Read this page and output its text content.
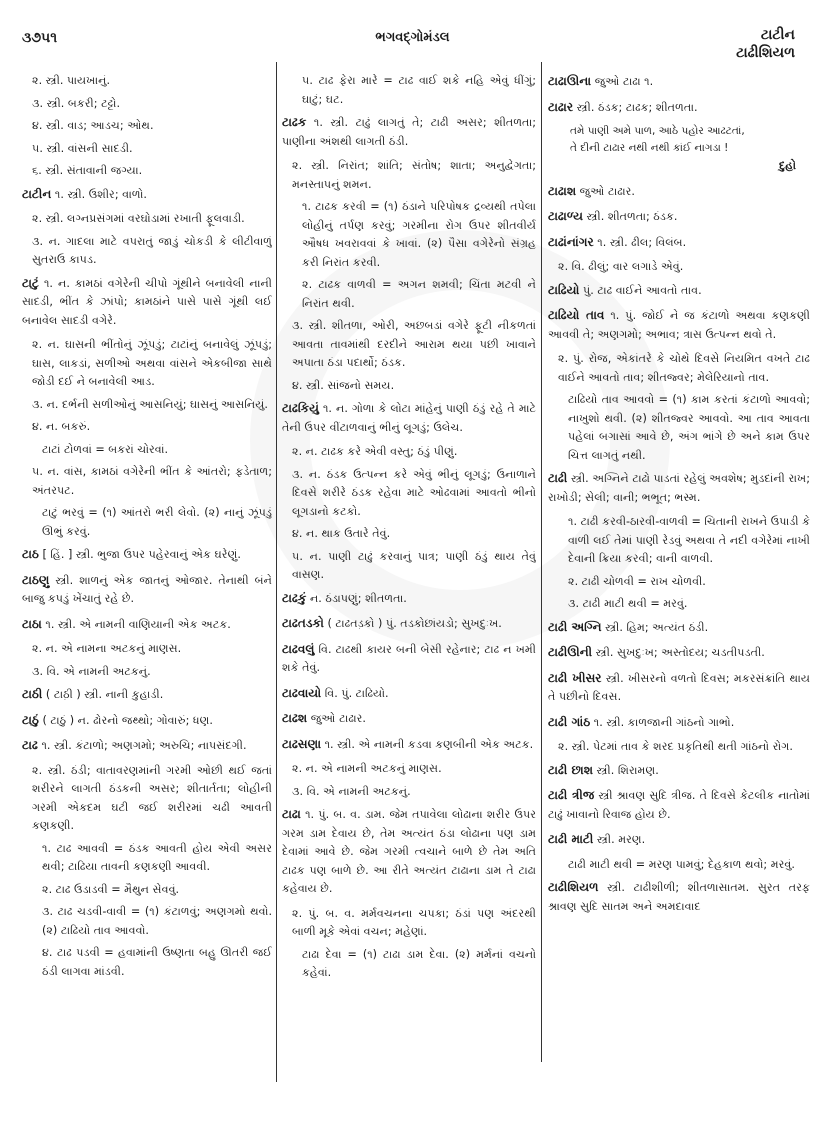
૩૭૫૧	ભગવદ્ગોમંડલ	ટાટીન
ટાઢીશિયળ
૨. સ્ત્રી. પાયખાનું.
૩. સ્ત્રી. બકરી; ટટ્ટો.
૪. સ્ત્રી. વાડ; આડચ; ઓથ.
૫. સ્ત્રી. વાંસની સાદડી.
૬. સ્ત્રી. સંતાવાની જગ્યા.
ટાટીન ૧. સ્ત્રી. ઉશીર; વાળો.
૨. સ્ત્રી. લગ્નપ્રસંગમાં વરઘોડામાં રખાતી ફૂલવાડી.
૩. ન. ગાદલા માટે વપરાતું જાડું ચોકડી કે લીટીવાળું સુતરાઉ કાપડ.
ટાટું ૧. ન. કામઠાં વગેરેની ચીપો ગૂંથીને બનાવેલી નાની સાદડી, ભીંત કે ઝાંપો; કામઠાંને પાસે પાસે ગૂંથી લઈ બનાવેલ સાદડી વગેરે.
૨. ન. ઘાસની ભીંતોનું ઝૂંપડું; ટાટાંનું બનાવેલું ઝૂંપડું; ઘાસ, લાકડાં, સળીઓ અથવા વાંસને એકબીજા સાથે જોડી દઈ ને બનાવેલી આડ.
૩. ન. દર્ભની સળીઓનું આસનિયું; ઘાસનું આસનિયું.
૪. ન. બકરું.
ટાટાં ટોળવાં = બકરાં ચોરવાં.
૫. ન. વાંસ, કામઠાં વગેરેની ભીંત કે આંતરો; ફડેતાળ; અંતરપટ.
ટાટું ભરવું = (૧) આંતરો ભરી લેવો. (૨) નાનું ઝૂંપડું ઊભું કરવું.
ટાઠ [ હિં. ] સ્ત્રી. ભુજા ઉપર પહેરવાનું એક ઘરેણું.
ટાઠણુ સ્ત્રી. શાળનું એક જાતનું ઓજાર. તેનાથી બંને બાજુ કપડું ખેંચાતું રહે છે.
ટાઠા ૧. સ્ત્રી. એ નામની વાણિયાની એક અટક.
૨. ન. એ નામના અટકનું માણસ.
૩. વિ. એ નામની અટકનું.
ટાઠી ( ટાઠ઼ી ) સ્ત્રી. નાની કુહાડી.
ટાઠું ( ટાઠ઼ું ) ન. ઢોરનો જથ્થો; ગોવારું; ધણ.
ટાઢ ૧. સ્ત્રી. કંટાળો; અણગમો; અરુચિ; નાપસંદગી.
૨. સ્ત્રી. ઠંડી; વાતાવરણમાંની ગરમી ઓછી થઈ જતાં શરીરને લાગતી ઠંડકની અસર; શીતાર્તતા; લોહીની ગરમી એકદમ ઘટી જઈ શરીરમાં ચઢી આવતી કણકણી.
૧. ટાઢ આવવી = ઠંડક આવતી હોય એવી અસર થવી; ટાઢિયા તાવની કણકણી આવવી.
૨. ટાઢ ઉડાડવી = મૈથુન સેવવું.
૩. ટાઢ ચડવી-વાવી = (૧) કંટાળવું; અણગમો થવો. (૨) ટાઢિયો તાવ આવવો.
૪. ટાઢ પડવી = હવામાંની ઉષ્ણતા બહુ ઊતરી જઈ ઠંડી લાગવા માંડવી.
૫. ટાઢ ફેરા મારે = ટાઢ વાઈ શકે નહિ એવું ધીંગું; ઘાટું; ઘટ.
ટાઢક ૧. સ્ત્રી. ટાઢું લાગતું તે; ટાઢી અસર; શીતળતા; પાણીના અંશથી લાગતી ઠંડી.
૨. સ્ત્રી. નિરાંત; શાંતિ; સંતોષ; શાતા; અનુદ્વેગતા; મનસ્તાપનું શમન.
૧. ટાઢક કરવી = (૧) ઠંડાને પરિપોષક દ્રવ્યથી તપેલા લોહીનું તર્પણ કરવું; ગરમીના રોગ ઉપર શીતવીર્ય ઔષધ ખવરાવવાં કે ખાવાં. (૨) પૈસા વગેરેનો સંગ્રહ કરી નિરાંત કરવી.
૨. ટાઢક વાળવી = અગન શમવી; ચિંતા મટવી ને નિરાંત થવી.
૩. સ્ત્રી. શીતળા, ઓરી, અછબડાં વગેરે ફૂટી નીકળતાં આવતા તાવમાંથી દરદીને આરામ થયા પછી ખાવાને અપાતા ઠંડા પદાર્થો; ઠંડક.
૪. સ્ત્રી. સાંજનો સમય.
ટાઢકિયું ૧. ન. ગોળા કે લોટા માંહેનું પાણી ઠંડું રહે તે માટે તેની ઉપર વીંટાળવાનું ભીનું લૂગડું; ઉલેચ.
૨. ન. ટાઢક કરે એવી વસ્તુ; ઠંડું પીણું.
૩. ન. ઠંડક ઉત્પન્ન કરે એવું ભીનું લૂગડું; ઉનાળાને દિવસે શરીરે ઠંડક રહેવા માટે ઓઢવામાં આવતો ભીનો લૂગડાનો કટકો.
૪. ન. થાક ઉતારે તેવું.
૫. ન. પાણી ટાઢું કરવાનું પાત્ર; પાણી ઠંડું થાય તેવું વાસણ.
ટાઢકું ન. ઠંડાપણું; શીતળતા.
ટાઢતડકો ( ટાઢતડ઼કો ) પું. તડકોછાંયડો; સુખદુઃખ.
ટાઢવલું વિ. ટાઢથી કાયર બની બેસી રહેનાર; ટાઢ ન ખમી શકે તેવું.
ટાઢવાયો વિ. પું. ટાઢિયો.
ટાઢશ જુઓ ટાઢાર.
ટાઢસણા ૧. સ્ત્રી. એ નામની કડવા કણબીની એક અટક.
૨. ન. એ નામની અટકનું માણસ.
૩. વિ. એ નામની અટકનું.
ટાઢા ૧. પું. બ. વ. ડામ. જેમ તપાવેલા લોઢાના શરીર ઉપર ગરમ ડામ દેવાય છે, તેમ અત્યંત ઠંડા લોઢાના પણ ડામ દેવામાં આવે છે. જેમ ગરમી ત્વચાને બાળે છે તેમ અતિ ટાઢક પણ બાળે છે. આ રીતે અત્યંત ટાઢાના ડામ તે ટાઢા કહેવાય છે.
૨. પું. બ. વ. મર્મવચનના ચપકા; ઠંડાં પણ અંદરથી બાળી મૂકે એવાં વચન; મહેણાં.
ટાઢા દેવા = (૧) ટાઢા ડામ દેવા. (૨) મર્મનાં વચનો કહેવાં.
ટાઢાઊના જુઓ ટાઢા ૧.
ટાઢાર સ્ત્રી. ઠંડક; ટાઢક; શીતળતા.
તમે પાણી અમે પાળ, આઠે પહોર આઢટતાં,
તે દીની ટાઢાર નથી નથી કાંઈ નાગડા !
દુહો
ટાઢાશ જુઓ ટાઢાર.
ટાઢાળ્ય સ્ત્રી. શીતળતા; ઠંડક.
ટાઢાંનાંગર ૧. સ્ત્રી. ઢીલ; વિલંબ.
૨. વિ. ઢીલું; વાર લગાડે એવું.
ટાઢિયો પું. ટાઢ વાઈને આવતો તાવ.
ટાઢિયો તાવ ૧. પું. જોઈ ને જ કંટાળો અથવા કણકણી આવવી તે; અણગમો; અભાવ; ત્રાસ ઉત્પન્ન થવો તે.
૨. પું. રોજ, એકાંતરે કે ચોથે દિવસે નિયમિત વખતે ટાઢ વાઈને આવતો તાવ; શીતજ્વર; મેલેરિયાનો તાવ.
ટાઢિયો તાવ આવવો = (૧) કામ કરતાં કંટાળો આવવો; નાખુશો થવી. (૨) શીતજ્વર આવવો. આ તાવ આવતા પહેલાં બગાસાં આવે છે, અંગ ભાંગે છે અને કામ ઉપર ચિત્ત લાગતું નથી.
ટાઢી સ્ત્રી. અગ્નિને ટાઢો પાડતાં રહેલું અવશેષ; મુડદાંની રાખ; રાખોડી; સેલી; વાની; ભભૂત; ભસ્મ.
૧. ટાઢી કરવી-ઠારવી-વાળવી = ચિતાની રાખને ઉપાડી કે વાળી લઈ તેમાં પાણી રેડવું અથવા તે નદી વગેરેમાં નાખી દેવાની ક્રિયા કરવી; વાની વાળવી.
૨. ટાઢી ચોળવી = રાખ ચોળવી.
૩. ટાઢી માટી થવી = મરવું.
ટાઢી અગ્નિ સ્ત્રી. હિમ; અત્યંત ઠંડી.
ટાઢીઊની સ્ત્રી. સુખદુઃખ; અસ્તોદય; ચડતીપડતી.
ટાઢી ખીસર સ્ત્રી. ખીસરનો વળતો દિવસ; મકરસંક્રાંતિ થાય તે પછીનો દિવસ.
ટાઢી ગાંઠ ૧. સ્ત્રી. કાળજાની ગાંઠનો ગાભો.
૨. સ્ત્રી. પેટમાં તાવ કે શરદ પ્રકૃતિથી થતી ગાંઠનો રોગ.
ટાઢી છાશ સ્ત્રી. શિરામણ.
ટાઢી ત્રીજ સ્ત્રી શ્રાવણ સુદિ ત્રીજ. તે દિવસે કેટલીક નાતોમાં ટાઢું ખાવાનો રિવાજ હોય છે.
ટાઢી માટી સ્ત્રી. મરણ.
ટાઢી માટી થવી = મરણ પામવું; દેહકાળ થવો; મરવું.
ટાઢીશિયળ સ્ત્રી. ટાઢીશીળી; શીતળાસાતમ. સુરત તરફ શ્રાવણ સુદિ સાતમ અને અમદાવાદ
